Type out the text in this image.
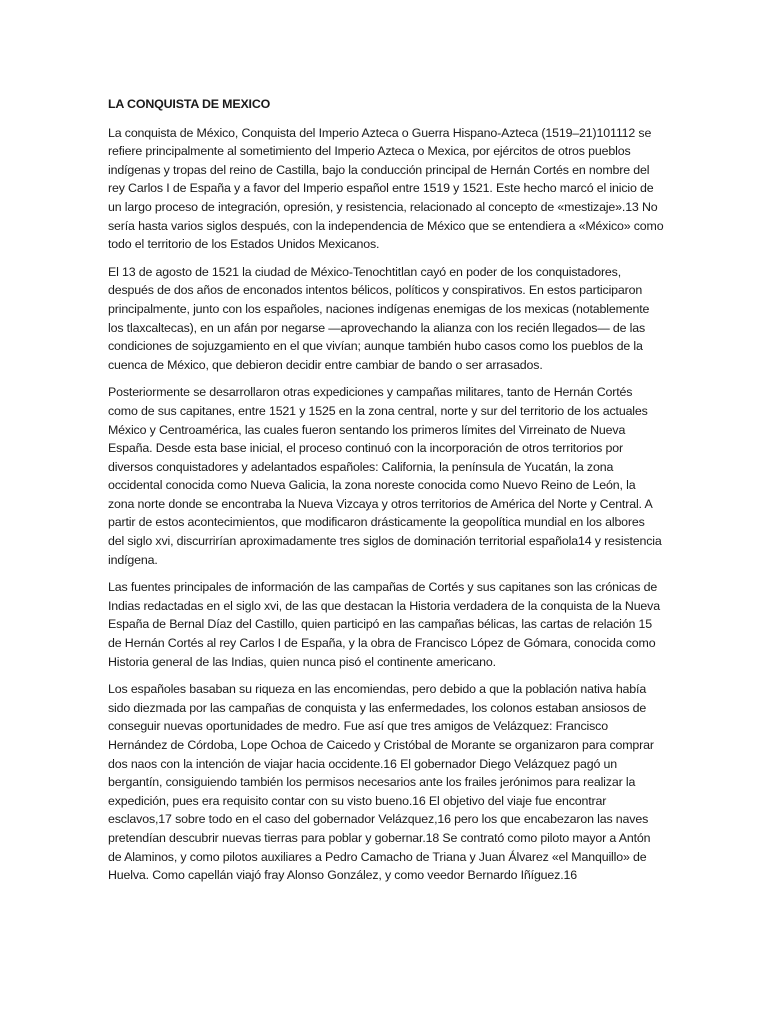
LA CONQUISTA DE MEXICO

La conquista de México, Conquista del Imperio Azteca o Guerra Hispano-Azteca (1519–21)101112 se refiere principalmente al sometimiento del Imperio Azteca o Mexica, por ejércitos de otros pueblos indígenas y tropas del reino de Castilla, bajo la conducción principal de Hernán Cortés en nombre del rey Carlos I de España y a favor del Imperio español entre 1519 y 1521. Este hecho marcó el inicio de un largo proceso de integración, opresión, y resistencia, relacionado al concepto de «mestizaje».13 No sería hasta varios siglos después, con la independencia de México que se entendiera a «México» como todo el territorio de los Estados Unidos Mexicanos.

El 13 de agosto de 1521 la ciudad de México-Tenochtitlan cayó en poder de los conquistadores, después de dos años de enconados intentos bélicos, políticos y conspirativos. En estos participaron principalmente, junto con los españoles, naciones indígenas enemigas de los mexicas (notablemente los tlaxcaltecas), en un afán por negarse —aprovechando la alianza con los recién llegados— de las condiciones de sojuzgamiento en el que vivían; aunque también hubo casos como los pueblos de la cuenca de México, que debieron decidir entre cambiar de bando o ser arrasados.

Posteriormente se desarrollaron otras expediciones y campañas militares, tanto de Hernán Cortés como de sus capitanes, entre 1521 y 1525 en la zona central, norte y sur del territorio de los actuales México y Centroamérica, las cuales fueron sentando los primeros límites del Virreinato de Nueva España. Desde esta base inicial, el proceso continuó con la incorporación de otros territorios por diversos conquistadores y adelantados españoles: California, la península de Yucatán, la zona occidental conocida como Nueva Galicia, la zona noreste conocida como Nuevo Reino de León, la zona norte donde se encontraba la Nueva Vizcaya y otros territorios de América del Norte y Central. A partir de estos acontecimientos, que modificaron drásticamente la geopolítica mundial en los albores del siglo xvi, discurrirían aproximadamente tres siglos de dominación territorial española14 y resistencia indígena.

Las fuentes principales de información de las campañas de Cortés y sus capitanes son las crónicas de Indias redactadas en el siglo xvi, de las que destacan la Historia verdadera de la conquista de la Nueva España de Bernal Díaz del Castillo, quien participó en las campañas bélicas, las cartas de relación 15 de Hernán Cortés al rey Carlos I de España, y la obra de Francisco López de Gómara, conocida como Historia general de las Indias, quien nunca pisó el continente americano.

Los españoles basaban su riqueza en las encomiendas, pero debido a que la población nativa había sido diezmada por las campañas de conquista y las enfermedades, los colonos estaban ansiosos de conseguir nuevas oportunidades de medro. Fue así que tres amigos de Velázquez: Francisco Hernández de Córdoba, Lope Ochoa de Caicedo y Cristóbal de Morante se organizaron para comprar dos naos con la intención de viajar hacia occidente.16 El gobernador Diego Velázquez pagó un bergantín, consiguiendo también los permisos necesarios ante los frailes jerónimos para realizar la expedición, pues era requisito contar con su visto bueno.16 El objetivo del viaje fue encontrar esclavos,17 sobre todo en el caso del gobernador Velázquez,16 pero los que encabezaron las naves pretendían descubrir nuevas tierras para poblar y gobernar.18 Se contrató como piloto mayor a Antón de Alaminos, y como pilotos auxiliares a Pedro Camacho de Triana y Juan Álvarez «el Manquillo» de Huelva. Como capellán viajó fray Alonso González, y como veedor Bernardo Iñíguez.16
